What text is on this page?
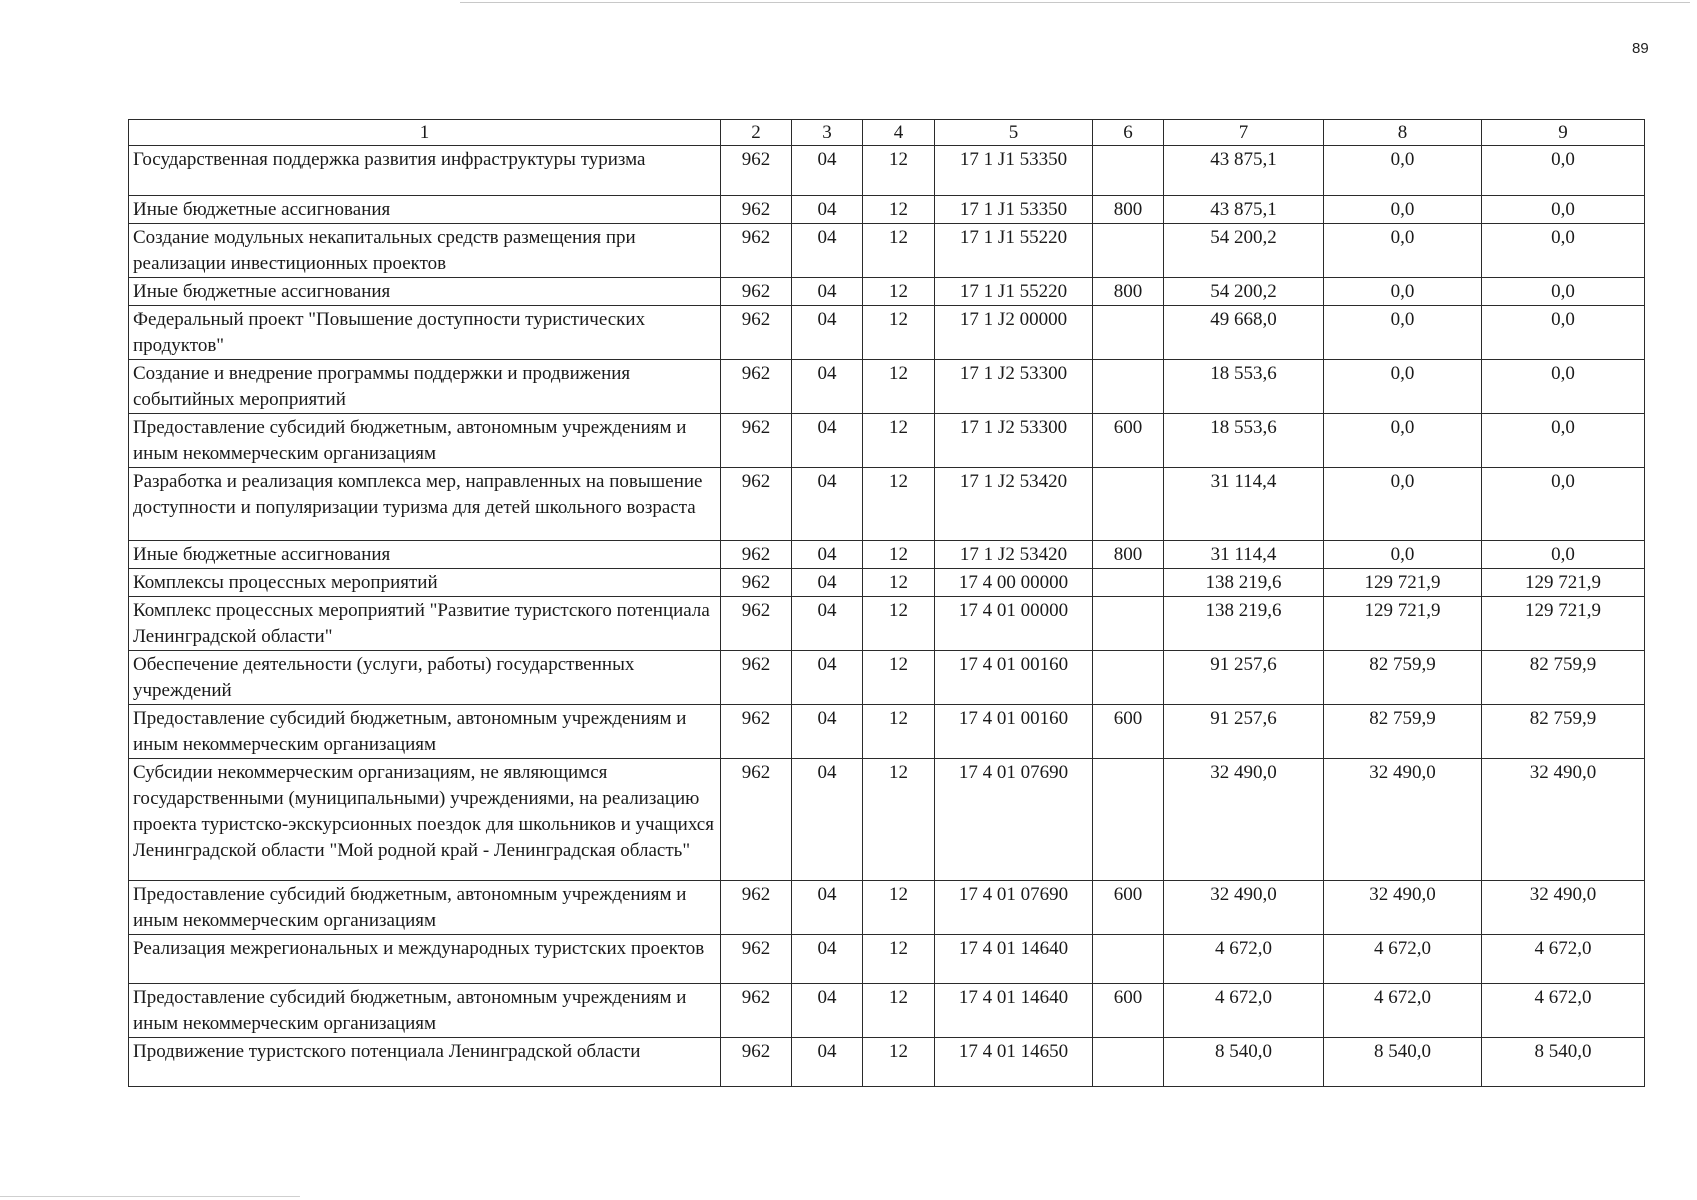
89
1	2	3	4	5	6	7	8	9
Государственная поддержка развития инфраструктуры туризма	962	04	12	17 1 J1 53350		43 875,1	0,0	0,0
Иные бюджетные ассигнования	962	04	12	17 1 J1 53350	800	43 875,1	0,0	0,0
Создание модульных некапитальных средств размещения при реализации инвестиционных проектов	962	04	12	17 1 J1 55220		54 200,2	0,0	0,0
Иные бюджетные ассигнования	962	04	12	17 1 J1 55220	800	54 200,2	0,0	0,0
Федеральный проект "Повышение доступности туристических продуктов"	962	04	12	17 1 J2 00000		49 668,0	0,0	0,0
Создание и внедрение программы поддержки и продвижения событийных мероприятий	962	04	12	17 1 J2 53300		18 553,6	0,0	0,0
Предоставление субсидий бюджетным, автономным учреждениям и иным некоммерческим организациям	962	04	12	17 1 J2 53300	600	18 553,6	0,0	0,0
Разработка и реализация комплекса мер, направленных на повышение доступности и популяризации туризма для детей школьного возраста	962	04	12	17 1 J2 53420		31 114,4	0,0	0,0
Иные бюджетные ассигнования	962	04	12	17 1 J2 53420	800	31 114,4	0,0	0,0
Комплексы процессных мероприятий	962	04	12	17 4 00 00000		138 219,6	129 721,9	129 721,9
Комплекс процессных мероприятий "Развитие туристского потенциала Ленинградской области"	962	04	12	17 4 01 00000		138 219,6	129 721,9	129 721,9
Обеспечение деятельности (услуги, работы) государственных учреждений	962	04	12	17 4 01 00160		91 257,6	82 759,9	82 759,9
Предоставление субсидий бюджетным, автономным учреждениям и иным некоммерческим организациям	962	04	12	17 4 01 00160	600	91 257,6	82 759,9	82 759,9
Субсидии некоммерческим организациям, не являющимся государственными (муниципальными) учреждениями, на реализацию проекта туристско-экскурсионных поездок для школьников и учащихся Ленинградской области "Мой родной край - Ленинградская область"	962	04	12	17 4 01 07690		32 490,0	32 490,0	32 490,0
Предоставление субсидий бюджетным, автономным учреждениям и иным некоммерческим организациям	962	04	12	17 4 01 07690	600	32 490,0	32 490,0	32 490,0
Реализация межрегиональных и международных туристских проектов	962	04	12	17 4 01 14640		4 672,0	4 672,0	4 672,0
Предоставление субсидий бюджетным, автономным учреждениям и иным некоммерческим организациям	962	04	12	17 4 01 14640	600	4 672,0	4 672,0	4 672,0
Продвижение туристского потенциала Ленинградской области	962	04	12	17 4 01 14650		8 540,0	8 540,0	8 540,0
